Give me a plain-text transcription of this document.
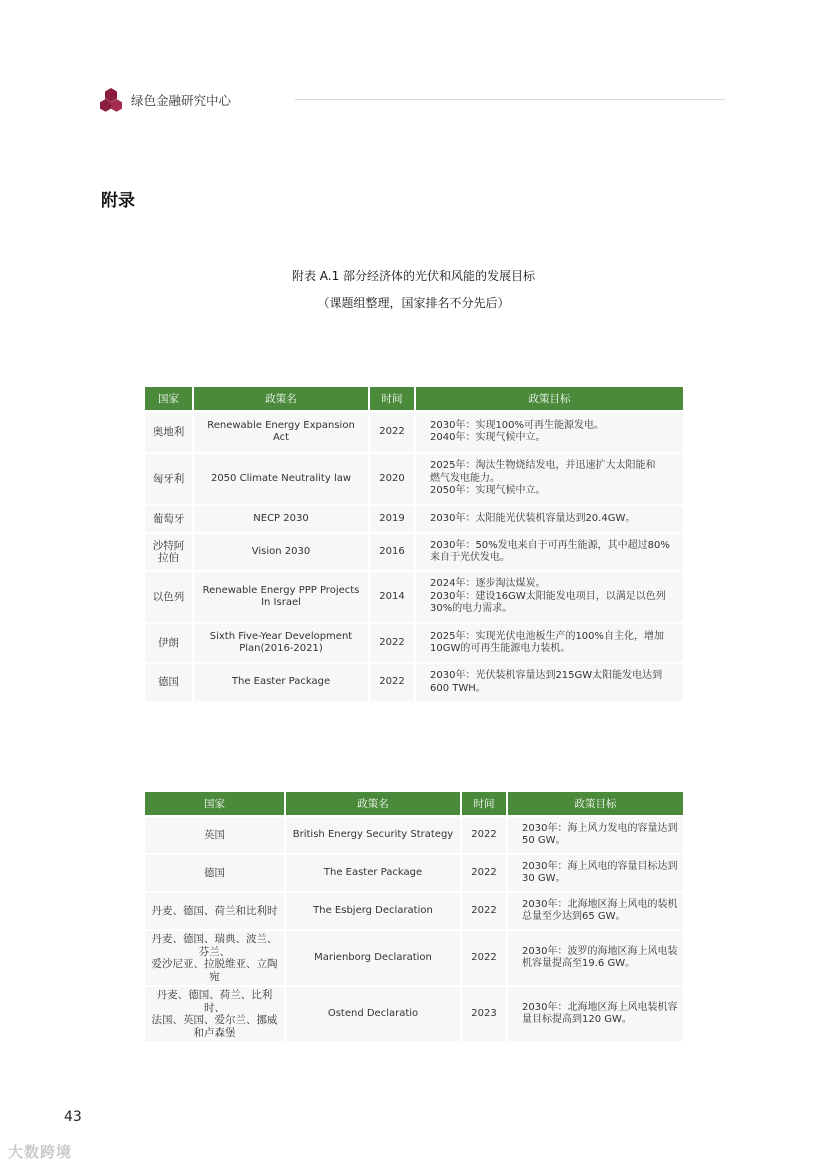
绿色金融研究中心
附录
附表 A.1 部分经济体的光伏和风能的发展目标
（课题组整理，国家排名不分先后）
国家	政策名	时间	政策目标
奥地利	Renewable Energy Expansion Act	2022	2030年：实现100%可再生能源发电。
2040年：实现气候中立。
匈牙利	2050 Climate Neutrality law	2020	2025年：淘汰生物烧结发电，并迅速扩大太阳能和
燃气发电能力。
2050年：实现气候中立。
葡萄牙	NECP 2030	2019	2030年：太阳能光伏装机容量达到20.4GW。
沙特阿
拉伯	Vision 2030	2016	2030年：50%发电来自于可再生能源，其中超过80%
来自于光伏发电。
以色列	Renewable Energy PPP Projects
In Israel	2014	2024年：逐步淘汰煤炭。
2030年：建设16GW太阳能发电项目，以满足以色列
30%的电力需求。
伊朗	Sixth Five-Year Development
Plan(2016-2021)	2022	2025年：实现光伏电池板生产的100%自主化，增加
10GW的可再生能源电力装机。
德国	The Easter Package	2022	2030年：光伏装机容量达到215GW太阳能发电达到
600 TWH。
国家	政策名	时间	政策目标
英国	British Energy Security Strategy	2022	2030年：海上风力发电的容量达到
50 GW。
德国	The Easter Package	2022	2030年：海上风电的容量目标达到
30 GW。
丹麦、德国、荷兰和比利时	The Esbjerg Declaration	2022	2030年：北海地区海上风电的装机
总量至少达到65 GW。
丹麦、德国、瑞典、波兰、芬兰、
爱沙尼亚、拉脱维亚、立陶宛	Marienborg Declaration	2022	2030年：波罗的海地区海上风电装
机容量提高至19.6 GW。
丹麦、德国、荷兰、比利时、
法国、英国、爱尔兰、挪威
和卢森堡	Ostend Declaratio	2023	2030年：北海地区海上风电装机容
量目标提高到120 GW。
43
大数跨境
